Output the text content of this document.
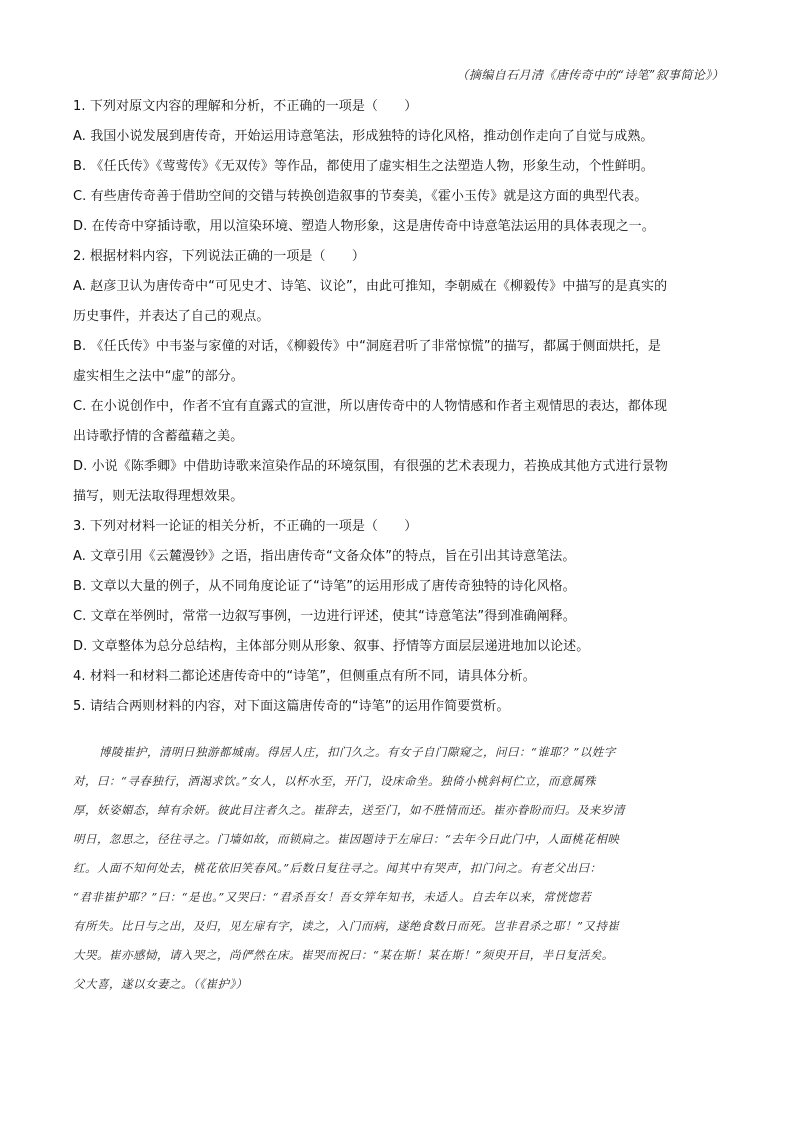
（摘编自石月清《唐传奇中的“诗笔”叙事简论》）

1. 下列对原文内容的理解和分析，不正确的一项是（　　）

A. 我国小说发展到唐传奇，开始运用诗意笔法，形成独特的诗化风格，推动创作走向了自觉与成熟。

B. 《任氏传》《莺莺传》《无双传》等作品，都使用了虚实相生之法塑造人物，形象生动，个性鲜明。

C. 有些唐传奇善于借助空间的交错与转换创造叙事的节奏美，《霍小玉传》就是这方面的典型代表。

D. 在传奇中穿插诗歌，用以渲染环境、塑造人物形象，这是唐传奇中诗意笔法运用的具体表现之一。

2. 根据材料内容，下列说法正确的一项是（　　）

A. 赵彦卫认为唐传奇中“可见史才、诗笔、议论”，由此可推知，李朝威在《柳毅传》中描写的是真实的

历史事件，并表达了自己的观点。

B. 《任氏传》中韦崟与家僮的对话，《柳毅传》中“洞庭君听了非常惊慌”的描写，都属于侧面烘托，是

虚实相生之法中“虚”的部分。

C. 在小说创作中，作者不宜有直露式的宣泄，所以唐传奇中的人物情感和作者主观情思的表达，都体现

出诗歌抒情的含蓄蕴藉之美。

D. 小说《陈季卿》中借助诗歌来渲染作品的环境氛围，有很强的艺术表现力，若换成其他方式进行景物

描写，则无法取得理想效果。

3. 下列对材料一论证的相关分析，不正确的一项是（　　）

A. 文章引用《云麓漫钞》之语，指出唐传奇“文备众体”的特点，旨在引出其诗意笔法。

B. 文章以大量的例子，从不同角度论证了“诗笔”的运用形成了唐传奇独特的诗化风格。

C. 文章在举例时，常常一边叙写事例，一边进行评述，使其“诗意笔法”得到准确阐释。

D. 文章整体为总分总结构，主体部分则从形象、叙事、抒情等方面层层递进地加以论述。

4. 材料一和材料二都论述唐传奇中的“诗笔”，但侧重点有所不同，请具体分析。

5. 请结合两则材料的内容，对下面这篇唐传奇的“诗笔”的运用作简要赏析。

博陵崔护，清明日独游都城南。得居人庄，扣门久之。有女子自门隙窥之，问曰：“谁耶？”以姓字

对，曰：“寻春独行，酒渴求饮。”女人，以杯水至，开门，设床命坐。独倚小桃斜柯伫立，而意属殊

厚，妖姿媚态，绰有余妍。彼此目注者久之。崔辞去，送至门，如不胜情而还。崔亦眷盼而归。及来岁清

明日，忽思之，径往寻之。门墙如故，而锁扃之。崔因题诗于左扉曰：“去年今日此门中，人面桃花相映

红。人面不知何处去，桃花依旧笑春风。”后数日复往寻之。闻其中有哭声，扣门问之。有老父出曰：

“君非崔护耶？”曰：“是也。”又哭曰：“君杀吾女！吾女笄年知书，未适人。自去年以来，常恍惚若

有所失。比日与之出，及归，见左扉有字，读之，入门而病，遂绝食数日而死。岂非君杀之耶！”又持崔

大哭。崔亦感恸，请入哭之，尚俨然在床。崔哭而祝曰：“某在斯！某在斯！”须臾开目，半日复活矣。

父大喜，遂以女妻之。（《崔护》）
